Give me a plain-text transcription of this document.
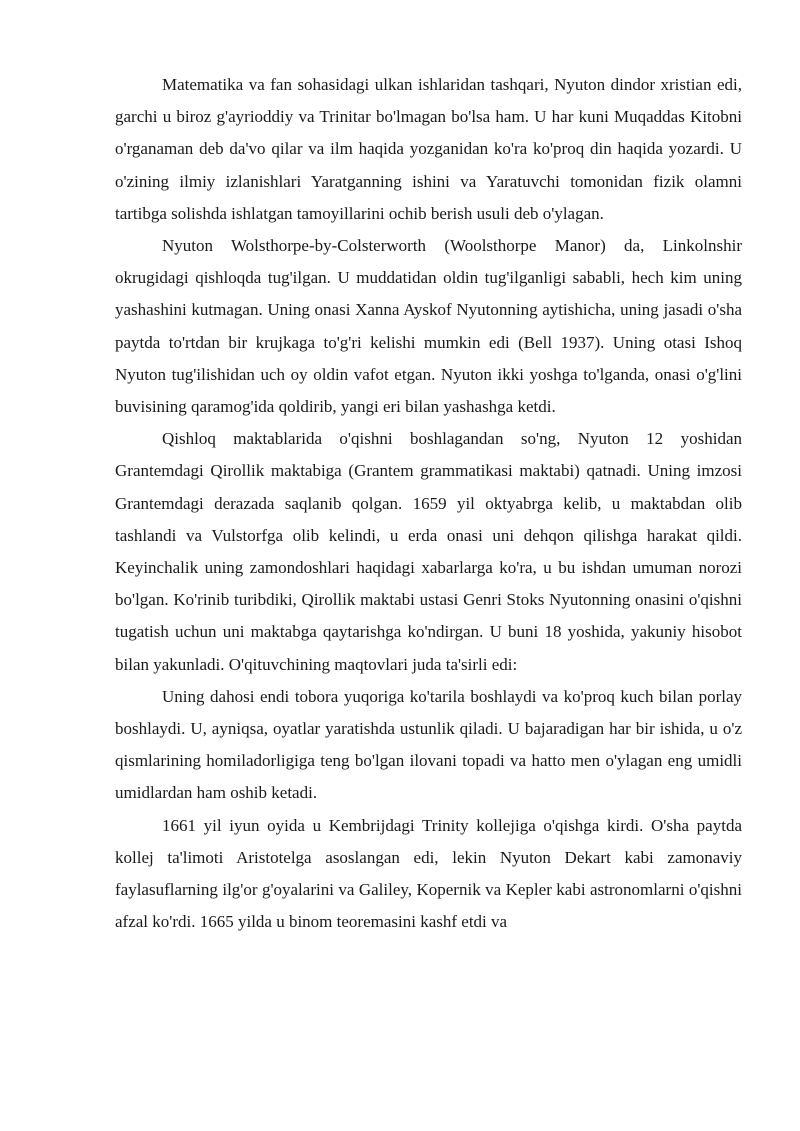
Matematika va fan sohasidagi ulkan ishlaridan tashqari, Nyuton dindor xristian edi, garchi u biroz g'ayrioddiy va Trinitar bo'lmagan bo'lsa ham. U har kuni Muqaddas Kitobni o'rganaman deb da'vo qilar va ilm haqida yozganidan ko'ra ko'proq din haqida yozardi. U o'zining ilmiy izlanishlari Yaratganning ishini va Yaratuvchi tomonidan fizik olamni tartibga solishda ishlatgan tamoyillarini ochib berish usuli deb o'ylagan.

Nyuton Wolsthorpe-by-Colsterworth (Woolsthorpe Manor) da, Linkolnshir okrugidagi qishloqda tug'ilgan. U muddatidan oldin tug'ilganligi sababli, hech kim uning yashashini kutmagan. Uning onasi Xanna Ayskof Nyutonning aytishicha, uning jasadi o'sha paytda to'rtdan bir krujkaga to'g'ri kelishi mumkin edi (Bell 1937). Uning otasi Ishoq Nyuton tug'ilishidan uch oy oldin vafot etgan. Nyuton ikki yoshga to'lganda, onasi o'g'lini buvisining qaramog'ida qoldirib, yangi eri bilan yashashga ketdi.

Qishloq maktablarida o'qishni boshlagandan so'ng, Nyuton 12 yoshidan Grantemdagi Qirollik maktabiga (Grantem grammatikasi maktabi) qatnadi. Uning imzosi Grantemdagi derazada saqlanib qolgan. 1659 yil oktyabrga kelib, u maktabdan olib tashlandi va Vulstorfga olib kelindi, u erda onasi uni dehqon qilishga harakat qildi. Keyinchalik uning zamondoshlari haqidagi xabarlarga ko'ra, u bu ishdan umuman norozi bo'lgan. Ko'rinib turibdiki, Qirollik maktabi ustasi Genri Stoks Nyutonning onasini o'qishni tugatish uchun uni maktabga qaytarishga ko'ndirgan. U buni 18 yoshida, yakuniy hisobot bilan yakunladi. O'qituvchining maqtovlari juda ta'sirli edi:

Uning dahosi endi tobora yuqoriga ko'tarila boshlaydi va ko'proq kuch bilan porlay boshlaydi. U, ayniqsa, oyatlar yaratishda ustunlik qiladi. U bajaradigan har bir ishida, u o'z qismlarining homiladorligiga teng bo'lgan ilovani topadi va hatto men o'ylagan eng umidli umidlardan ham oshib ketadi.

1661 yil iyun oyida u Kembrijdagi Trinity kollejiga o'qishga kirdi. O'sha paytda kollej ta'limoti Aristotelga asoslangan edi, lekin Nyuton Dekart kabi zamonaviy faylasuflarning ilg'or g'oyalarini va Galiley, Kopernik va Kepler kabi astronomlarni o'qishni afzal ko'rdi. 1665 yilda u binom teoremasini kashf etdi va
